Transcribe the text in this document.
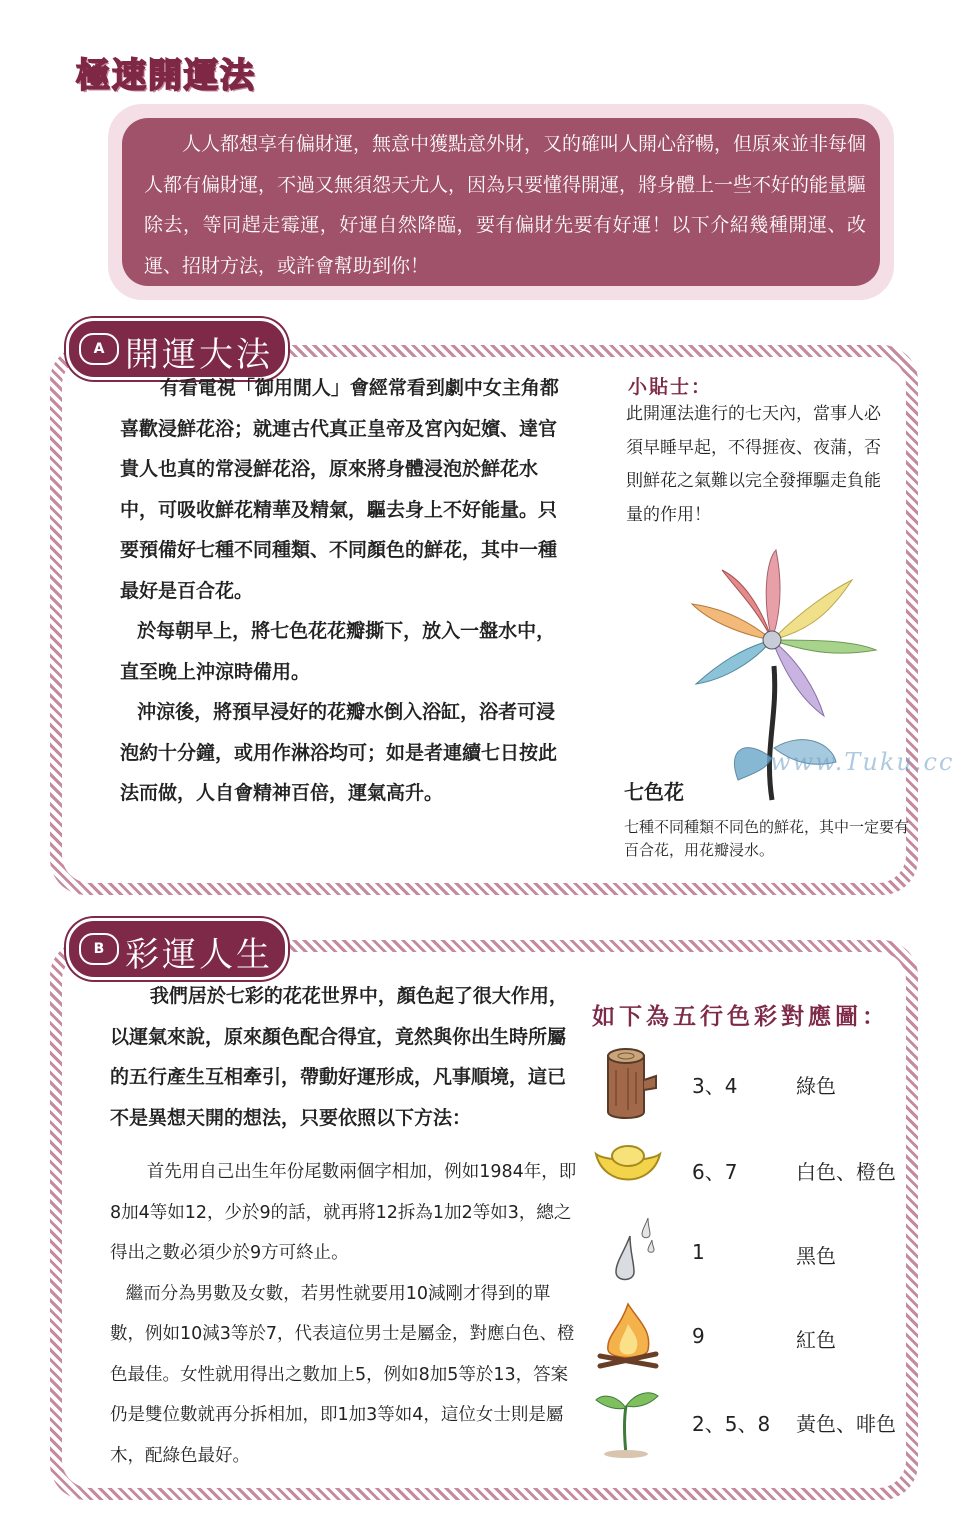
極速開運法

人人都想享有偏財運，無意中獲點意外財，又的確叫人開心舒暢，但原來並非每個人都有偏財運，不過又無須怨天尤人，因為只要懂得開運，將身體上一些不好的能量驅除去，等同趕走霉運，好運自然降臨，要有偏財先要有好運！以下介紹幾種開運、改運、招財方法，或許會幫助到你！

A 開運大法

有看電視「御用閒人」會經常看到劇中女主角都喜歡浸鮮花浴；就連古代真正皇帝及宮內妃嬪、達官貴人也真的常浸鮮花浴，原來將身體浸泡於鮮花水中，可吸收鮮花精華及精氣，驅去身上不好能量。只要預備好七種不同種類、不同顏色的鮮花，其中一種最好是百合花。

於每朝早上，將七色花花瓣撕下，放入一盤水中，直至晚上沖涼時備用。

沖涼後，將預早浸好的花瓣水倒入浴缸，浴者可浸泡約十分鐘，或用作淋浴均可；如是者連續七日按此法而做，人自會精神百倍，運氣高升。

小貼士：

此開運法進行的七天內，當事人必須早睡早起，不得捱夜、夜蒲，否則鮮花之氣難以完全發揮驅走負能量的作用！

www.Tuku.cc
七色花

七種不同種類不同色的鮮花，其中一定要有百合花，用花瓣浸水。

B 彩運人生

我們居於七彩的花花世界中，顏色起了很大作用，以運氣來說，原來顏色配合得宜，竟然與你出生時所屬的五行產生互相牽引，帶動好運形成，凡事順境，這已不是異想天開的想法，只要依照以下方法：

首先用自己出生年份尾數兩個字相加，例如1984年，即8加4等如12，少於9的話，就再將12拆為1加2等如3，總之得出之數必須少於9方可終止。

繼而分為男數及女數，若男性就要用10減剛才得到的單數，例如10減3等於7，代表這位男士是屬金，對應白色、橙色最佳。女性就用得出之數加上5，例如8加5等於13，答案仍是雙位數就再分拆相加，即1加3等如4，這位女士則是屬木，配綠色最好。

如下為五行色彩對應圖：
3、4	綠色
6、7	白色、橙色
1	黑色
9	紅色
2、5、8 黃色、啡色
